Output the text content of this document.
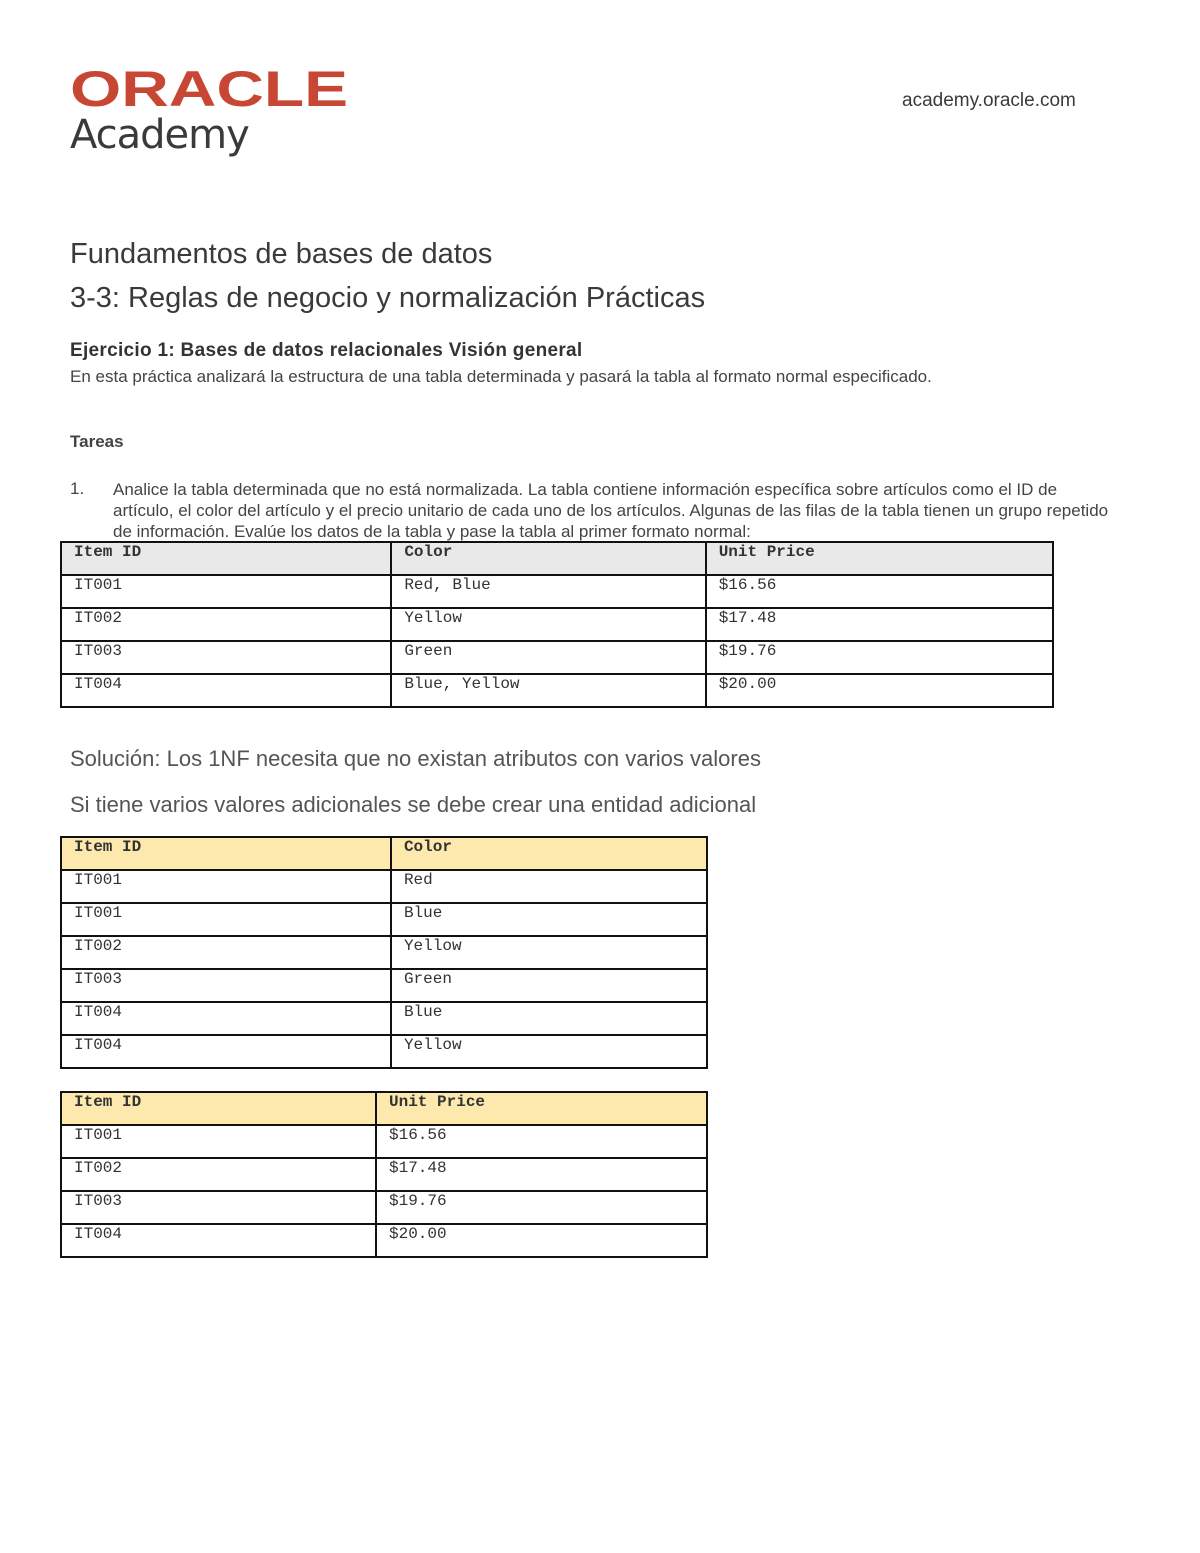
ORACLE
Academy
academy.oracle.com
Fundamentos de bases de datos
3-3: Reglas de negocio y normalización Prácticas
Ejercicio 1: Bases de datos relacionales Visión general
En esta práctica analizará la estructura de una tabla determinada y pasará la tabla al formato normal especificado.
Tareas
1. Analice la tabla determinada que no está normalizada. La tabla contiene información específica sobre artículos como el ID de artículo, el color del artículo y el precio unitario de cada uno de los artículos. Algunas de las filas de la tabla tienen un grupo repetido de información. Evalúe los datos de la tabla y pase la tabla al primer formato normal:
Item ID	Color	Unit Price
IT001	Red, Blue	$16.56
IT002	Yellow	$17.48
IT003	Green	$19.76
IT004	Blue, Yellow	$20.00
Solución: Los 1NF necesita que no existan atributos con varios valores
Si tiene varios valores adicionales se debe crear una entidad adicional
Item ID	Color
IT001	Red
IT001	Blue
IT002	Yellow
IT003	Green
IT004	Blue
IT004	Yellow
Item ID	Unit Price
IT001	$16.56
IT002	$17.48
IT003	$19.76
IT004	$20.00
